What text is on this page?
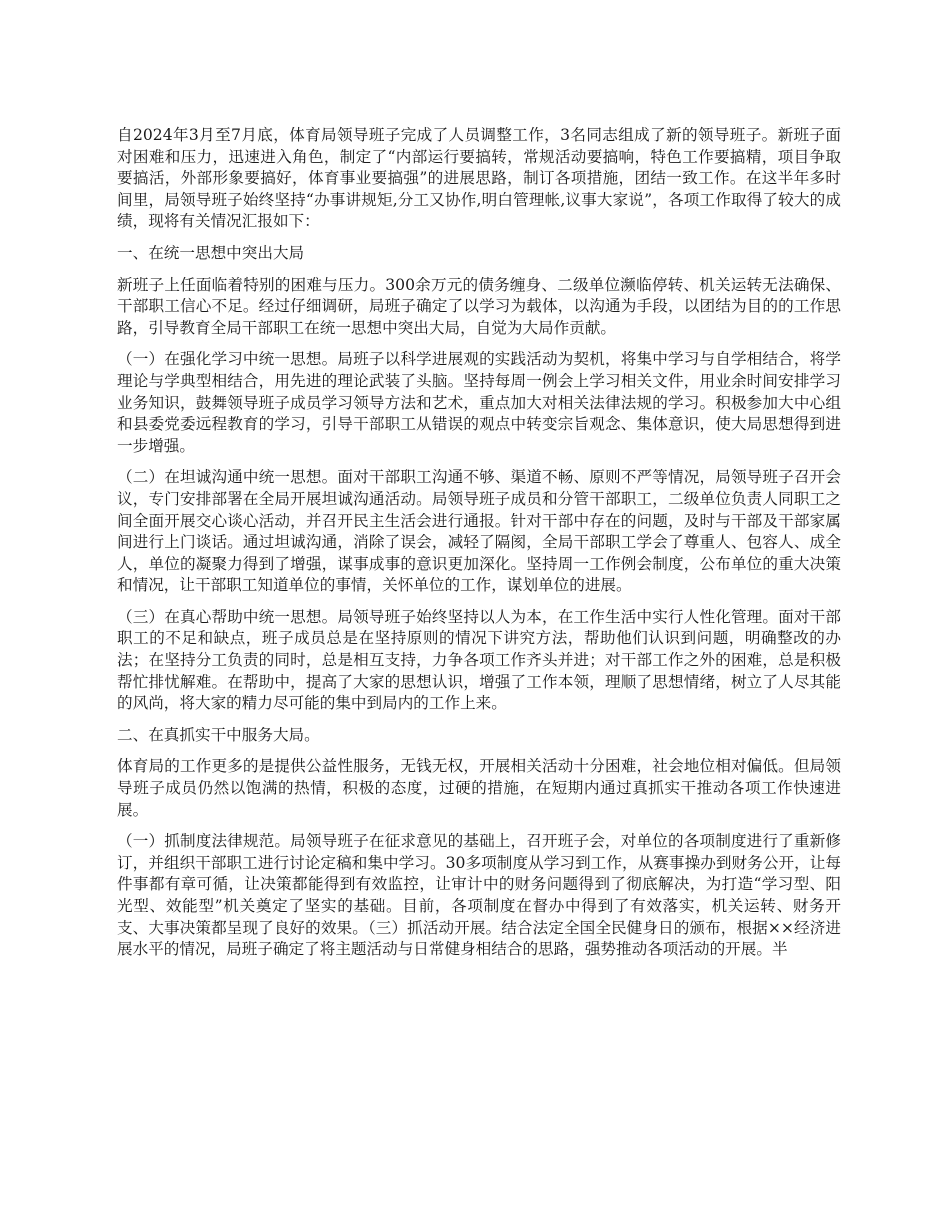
自2024年3月至7月底，体育局领导班子完成了人员调整工作，3名同志组成了新的领导班子。新班子面对困难和压力，迅速进入角色，制定了“内部运行要搞转，常规活动要搞响，特色工作要搞精，项目争取要搞活，外部形象要搞好，体育事业要搞强”的进展思路，制订各项措施，团结一致工作。在这半年多时间里，局领导班子始终坚持“办事讲规矩,分工又协作,明白管理帐,议事大家说”，各项工作取得了较大的成绩，现将有关情况汇报如下：

一、在统一思想中突出大局

新班子上任面临着特别的困难与压力。300余万元的债务缠身、二级单位濒临停转、机关运转无法确保、干部职工信心不足。经过仔细调研，局班子确定了以学习为载体，以沟通为手段，以团结为目的的工作思路，引导教育全局干部职工在统一思想中突出大局，自觉为大局作贡献。

（一）在强化学习中统一思想。局班子以科学进展观的实践活动为契机，将集中学习与自学相结合，将学理论与学典型相结合，用先进的理论武装了头脑。坚持每周一例会上学习相关文件，用业余时间安排学习业务知识，鼓舞领导班子成员学习领导方法和艺术，重点加大对相关法律法规的学习。积极参加大中心组和县委党委远程教育的学习，引导干部职工从错误的观点中转变宗旨观念、集体意识，使大局思想得到进一步增强。

（二）在坦诚沟通中统一思想。面对干部职工沟通不够、渠道不畅、原则不严等情况，局领导班子召开会议，专门安排部署在全局开展坦诚沟通活动。局领导班子成员和分管干部职工，二级单位负责人同职工之间全面开展交心谈心活动，并召开民主生活会进行通报。针对干部中存在的问题，及时与干部及干部家属间进行上门谈话。通过坦诚沟通，消除了误会，减轻了隔阂，全局干部职工学会了尊重人、包容人、成全人，单位的凝聚力得到了增强，谋事成事的意识更加深化。坚持周一工作例会制度，公布单位的重大决策和情况，让干部职工知道单位的事情，关怀单位的工作，谋划单位的进展。

（三）在真心帮助中统一思想。局领导班子始终坚持以人为本，在工作生活中实行人性化管理。面对干部职工的不足和缺点，班子成员总是在坚持原则的情况下讲究方法，帮助他们认识到问题，明确整改的办法；在坚持分工负责的同时，总是相互支持，力争各项工作齐头并进；对干部工作之外的困难，总是积极帮忙排忧解难。在帮助中，提高了大家的思想认识，增强了工作本领，理顺了思想情绪，树立了人尽其能的风尚，将大家的精力尽可能的集中到局内的工作上来。

二、在真抓实干中服务大局。

体育局的工作更多的是提供公益性服务，无钱无权，开展相关活动十分困难，社会地位相对偏低。但局领导班子成员仍然以饱满的热情，积极的态度，过硬的措施，在短期内通过真抓实干推动各项工作快速进展。

（一）抓制度法律规范。局领导班子在征求意见的基础上，召开班子会，对单位的各项制度进行了重新修订，并组织干部职工进行讨论定稿和集中学习。30多项制度从学习到工作，从赛事操办到财务公开，让每件事都有章可循，让决策都能得到有效监控，让审计中的财务问题得到了彻底解决，为打造“学习型、阳光型、效能型”机关奠定了坚实的基础。目前，各项制度在督办中得到了有效落实，机关运转、财务开支、大事决策都呈现了良好的效果。（三）抓活动开展。结合法定全国全民健身日的颁布，根据××经济进展水平的情况，局班子确定了将主题活动与日常健身相结合的思路，强势推动各项活动的开展。半
